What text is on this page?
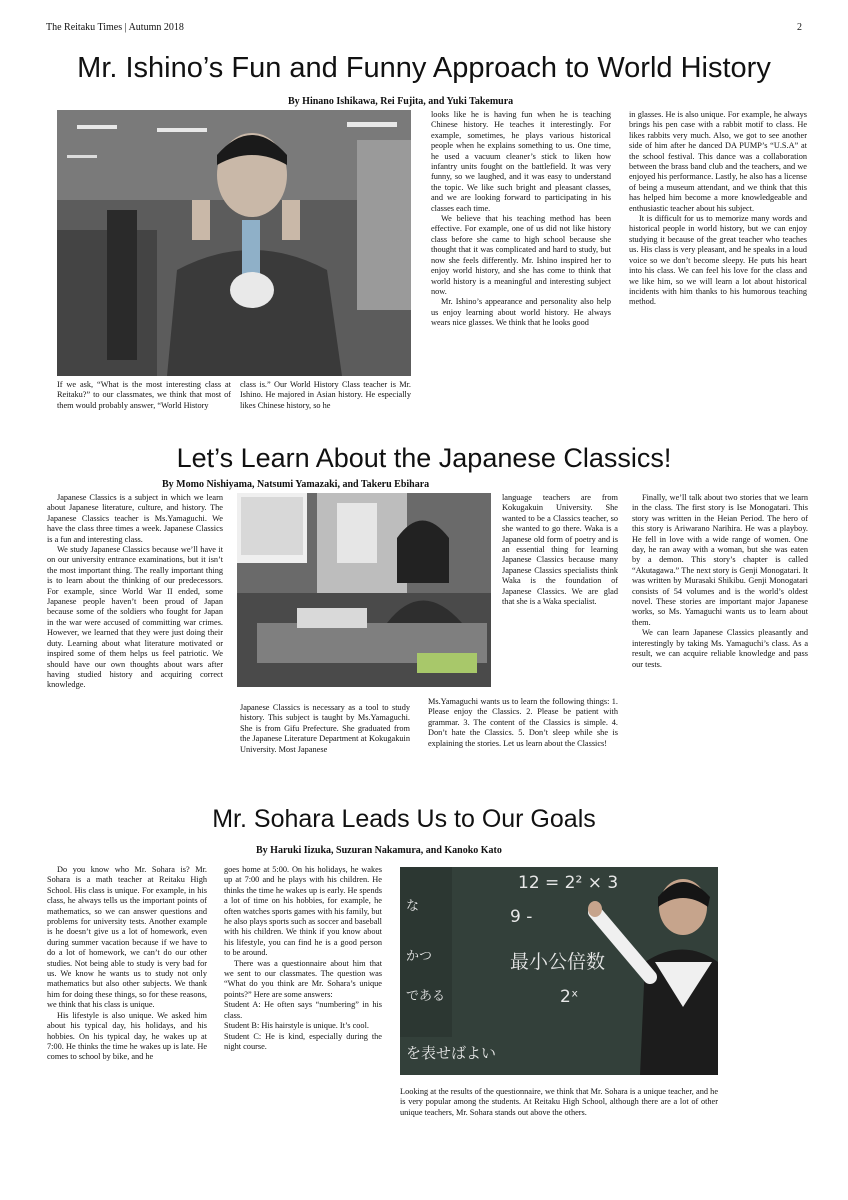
The Reitaku Times | Autumn 2018	2
Mr. Ishino’s Fun and Funny Approach to World History
By Hinano Ishikawa, Rei Fujita, and Yuki Takemura
If we ask, “What is the most interesting class at Reitaku?” to our classmates, we think that most of them would probably answer, “World History
class is.” Our World History Class teacher is Mr. Ishino. He majored in Asian history. He especially likes Chinese history, so he

looks like he is having fun when he is teaching Chinese history. He teaches it interestingly. For example, sometimes, he plays various historical people when he explains something to us. One time, he used a vacuum cleaner’s stick to liken how infantry units fought on the battlefield. It was very funny, so we laughed, and it was easy to understand the topic. We like such bright and pleasant classes, and we are looking forward to participating in his classes each time.

We believe that his teaching method has been effective. For example, one of us did not like history class before she came to high school because she thought that it was complicated and hard to study, but now she feels differently. Mr. Ishino inspired her to enjoy world history, and she has come to think that world history is a meaningful and interesting subject now.

Mr. Ishino’s appearance and personality also help us enjoy learning about world history. He always wears nice glasses. We think that he looks good

in glasses. He is also unique. For example, he always brings his pen case with a rabbit motif to class. He likes rabbits very much. Also, we got to see another side of him after he danced DA PUMP’s “U.S.A” at the school festival. This dance was a collaboration between the brass band club and the teachers, and we enjoyed his performance. Lastly, he also has a license of being a museum attendant, and we think that this has helped him become a more knowledgeable and enthusiastic teacher about his subject.

It is difficult for us to memorize many words and historical people in world history, but we can enjoy studying it because of the great teacher who teaches us. His class is very pleasant, and he speaks in a loud voice so we don’t become sleepy. He puts his heart into his class. We can feel his love for the class and we like him, so we will learn a lot about historical incidents with him thanks to his humorous teaching method.

Let’s Learn About the Japanese Classics!
By Momo Nishiyama, Natsumi Yamazaki, and Takeru Ebihara

Japanese Classics is a subject in which we learn about Japanese literature, culture, and history. The Japanese Classics teacher is Ms.Yamaguchi. We have the class three times a week. Japanese Classics is a fun and interesting class.

We study Japanese Classics because we’ll have it on our university entrance examinations, but it isn’t the most important thing. The really important thing is to learn about the thinking of our predecessors. For example, since World War II ended, some Japanese people haven’t been proud of Japan because some of the soldiers who fought for Japan in the war were accused of committing war crimes. However, we learned that they were just doing their duty. Learning about what literature motivated or inspired some of them helps us feel patriotic. We should have our own thoughts about wars after having studied history and acquiring correct knowledge.

Japanese Classics is necessary as a tool to study history. This subject is taught by Ms.Yamaguchi. She is from Gifu Prefecture. She graduated from the Japanese Literature Department at Kokugakuin University. Most Japanese
language teachers are from Kokugakuin University. She wanted to be a Classics teacher, so she wanted to go there. Waka is a Japanese old form of poetry and is an essential thing for learning Japanese Classics because many Japanese Classics specialists think Waka is the foundation of Japanese Classics. We are glad that she is a Waka specialist.
Ms.Yamaguchi wants us to learn the following things: 1. Please enjoy the Classics. 2. Please be patient with grammar. 3. The content of the Classics is simple. 4. Don’t hate the Classics. 5. Don’t sleep while she is explaining the stories. Let us learn about the Classics!

Finally, we’ll talk about two stories that we learn in the class. The first story is Ise Monogatari. This story was written in the Heian Period. The hero of this story is Ariwarano Narihira. He was a playboy. He fell in love with a wide range of women. One day, he ran away with a woman, but she was eaten by a demon. This story’s chapter is called “Akutagawa.” The next story is Genji Monogatari. It was written by Murasaki Shikibu. Genji Monogatari consists of 54 volumes and is the world’s oldest novel. These stories are important major Japanese works, so Ms. Yamaguchi wants us to learn about them.

We can learn Japanese Classics pleasantly and interestingly by taking Ms. Yamaguchi’s class. As a result, we can acquire reliable knowledge and pass our tests.

Mr. Sohara Leads Us to Our Goals
By Haruki Iizuka, Suzuran Nakamura, and Kanoko Kato

Do you know who Mr. Sohara is? Mr. Sohara is a math teacher at Reitaku High School. His class is unique. For example, in his class, he always tells us the important points of mathematics, so we can answer questions and problems for university tests. Another example is he doesn’t give us a lot of homework, even during summer vacation because if we have to do a lot of homework, we can’t do our other studies. Not being able to study is very bad for us. We know he wants us to study not only mathematics but also other subjects. We thank him for doing these things, so for these reasons, we think that his class is unique.

His lifestyle is also unique. We asked him about his typical day, his holidays, and his hobbies. On his typical day, he wakes up at 7:00. He thinks the time he wakes up is late. He comes to school by bike, and he

goes home at 5:00. On his holidays, he wakes up at 7:00 and he plays with his children. He thinks the time he wakes up is early. He spends a lot of time on his hobbies, for example, he often watches sports games with his family, but he also plays sports such as soccer and baseball with his children. We think if you know about his lifestyle, you can find he is a good person to be around.

There was a questionnaire about him that we sent to our classmates. The question was “What do you think are Mr. Sohara’s unique points?” Here are some answers:

Student A: He often says “numbering” in his class.

Student B: His hairstyle is unique. It’s cool.

Student C: He is kind, especially during the night course.

12 = 2² × 3
9 -
最小公倍数
2ˣ
な
かつ
である
を表せばよい
Looking at the results of the questionnaire, we think that Mr. Sohara is a unique teacher, and he is very popular among the students. At Reitaku High School, although there are a lot of other unique teachers, Mr. Sohara stands out above the others.
